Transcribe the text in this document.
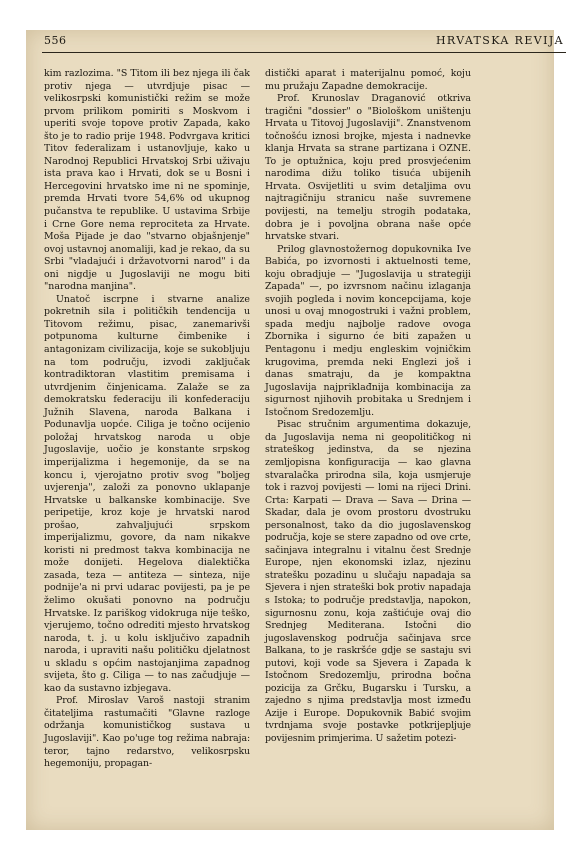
556	HRVATSKA REVIJA

kim razlozima. "S Titom ili bez njega ili čak protiv njega — utvrdjuje pisac — velikosrpski komunistički režim se može prvom prilikom pomiriti s Moskvom i uperiti svoje topove protiv Zapada, kako što je to radio prije 1948. Podvrgava kritici Titov federalizam i ustanovljuje, kako u Narodnoj Republici Hrvatskoj Srbi uživaju ista prava kao i Hrvati, dok se u Bosni i Hercegovini hrvatsko ime ni ne spominje, premda Hrvati tvore 54,6% od ukupnog pučanstva te republike. U ustavima Srbije i Crne Gore nema reprociteta za Hrvate. Moša Pijade je dao "stvarno objašnjenje" ovoj ustavnoj anomaliji, kad je rekao, da su Srbi "vladajući i državotvorni narod" i da oni nigdje u Jugoslaviji ne mogu biti "narodna manjina".

Unatoč iscrpne i stvarne analize pokretnih sila i političkih tendencija u Titovom režimu, pisac, zanemarivši potpunoma kulturne čimbenike i antagonizam civilizacija, koje se sukobljuju na tom području, izvodi zaključak kontradiktoran vlastitim premisama i utvrdjenim činjenicama. Zalaže se za demokratsku federaciju ili konfederaciju Južnih Slavena, naroda Balkana i Podunavlja uopće. Ciliga je točno ocijenio položaj hrvatskog naroda u obje Jugoslavije, uočio je konstante srpskog imperijalizma i hegemonije, da se na koncu i, vjerojatno protiv svog "boljeg uvjerenja", založi za ponovno uklapanje Hrvatske u balkanske kombinacije. Sve peripetije, kroz koje je hrvatski narod prošao, zahvaljujući srpskom imperijalizmu, govore, da nam nikakve koristi ni predmost takva kombinacija ne može donijeti. Hegelova dialektička zasada, teza — antiteza — sinteza, nije podnije'a ni prvi udarac povijesti, pa je pe želimo okušati ponovno na području Hrvatske. Iz pariškog vidokruga nije teško, vjerujemo, točno odrediti mjesto hrvatskog naroda, t. j. u kolu isključivo zapadnih naroda, i upraviti našu političku djelatnost u skladu s općim nastojanjima zapadnog svijeta, što g. Ciliga — to nas začudjuje — kao da sustavno izbjegava.

Prof. Miroslav Varoš nastoji stranim čitateljima rastumačiti "Glavne razloge održanja komunističkog sustava u Jugoslaviji". Kao po'uge tog režima nabraja: teror, tajno redarstvo, velikosrpsku hegemoniju, propagan-

distički aparat i materijalnu pomoć, koju mu pružaju Zapadne demokracije.

Prof. Krunoslav Draganović otkriva tragični "dossier" o "Biološkom uništenju Hrvata u Titovoj Jugoslaviji". Znanstvenom točnošću iznosi brojke, mjesta i nadnevke klanja Hrvata sa strane partizana i OZNE. To je optužnica, koju pred prosvjećenim narodima dižu toliko tisuća ubijenih Hrvata. Osvijetliti u svim detaljima ovu najtragičniju stranicu naše suvremene povijesti, na temelju strogih podataka, dobra je i povoljna obrana naše opće hrvatske stvari.

Prilog glavnostožernog dopukovnika Ive Babića, po izvornosti i aktuelnosti teme, koju obradjuje — "Jugoslavija u strategiji Zapada" —, po izvrsnom načinu izlaganja svojih pogleda i novim koncepcijama, koje unosi u ovaj mnogostruki i važni problem, spada medju najbolje radove ovoga Zbornika i sigurno će biti zapažen u Pentagonu i medju engleskim vojničkim krugovima, premda neki Englezi još i danas smatraju, da je kompaktna Jugoslavija najpriklađnija kombinacija za sigurnost njihovih probitaka u Srednjem i Istočnom Sredozemlju.

Pisac stručnim argumentima dokazuje, da Jugoslavija nema ni geopolitičkog ni strateškog jedinstva, da se njezina zemljopisna konfiguracija — kao glavna stvaralačka prirodna sila, koja usmjeruje tok i razvoj povijesti — lomi na rijeci Drini. Crta: Karpati — Drava — Sava — Drina — Skadar, dala je ovom prostoru dvostruku personalnost, tako da dio jugoslavenskog područja, koje se stere zapadno od ove crte, sačinjava integralnu i vitalnu čest Srednje Europe, njen ekonomski izlaz, njezinu stratešku pozadinu u slučaju napadaja sa Sjevera i njen strateški bok protiv napadaja s Istoka; to područje predstavlja, napokon, sigurnosnu zonu, koja zaštićuje ovaj dio Srednjeg Mediterana. Istočni dio jugoslavenskog područja sačinjava srce Balkana, to je raskršće gdje se sastaju svi putovi, koji vode sa Sjevera i Zapada k Istočnom Sredozemlju, prirodna bočna pozicija za Grčku, Bugarsku i Tursku, a zajedno s njima predstavlja most između Azije i Europe. Dopukovnik Babić svojim tvrdnjama svoje postavke potkrijepljuje povijesnim primjerima. U sažetim potezi-
